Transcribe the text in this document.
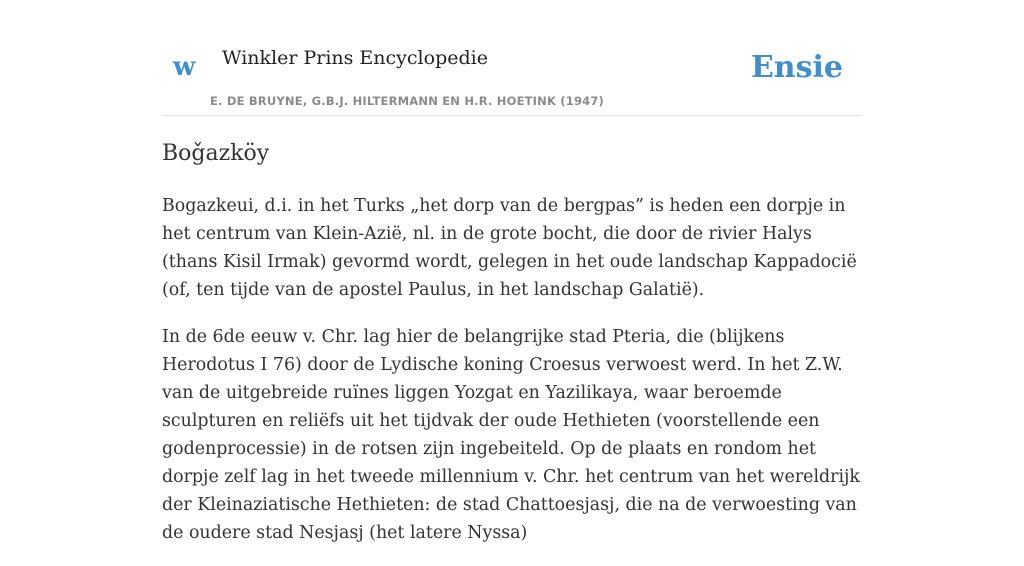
w Winkler Prins Encyclopedie
E. DE BRUYNE, G.B.J. HILTERMANN EN H.R. HOETINK (1947)
Ensie
Boǧazköy

Bogazkeui, d.i. in het Turks „het dorp van de bergpas” is heden een dorpje in het centrum van Klein-Azië, nl. in de grote bocht, die door de rivier Halys (thans Kisil Irmak) gevormd wordt, gelegen in het oude landschap Kappadocië (of, ten tijde van de apostel Paulus, in het landschap Galatië).

In de 6de eeuw v. Chr. lag hier de belangrijke stad Pteria, die (blijkens Herodotus I 76) door de Lydische koning Croesus verwoest werd. In het Z.W. van de uitgebreide ruïnes liggen Yozgat en Yazilikaya, waar beroemde sculpturen en reliëfs uit het tijdvak der oude Hethieten (voorstellende een godenprocessie) in de rotsen zijn ingebeiteld. Op de plaats en rondom het dorpje zelf lag in het tweede millennium v. Chr. het centrum van het wereldrijk der Kleinaziatische Hethieten: de stad Chattoesjasj, die na de verwoesting van de oudere stad Nesjasj (het latere Nyssa)
